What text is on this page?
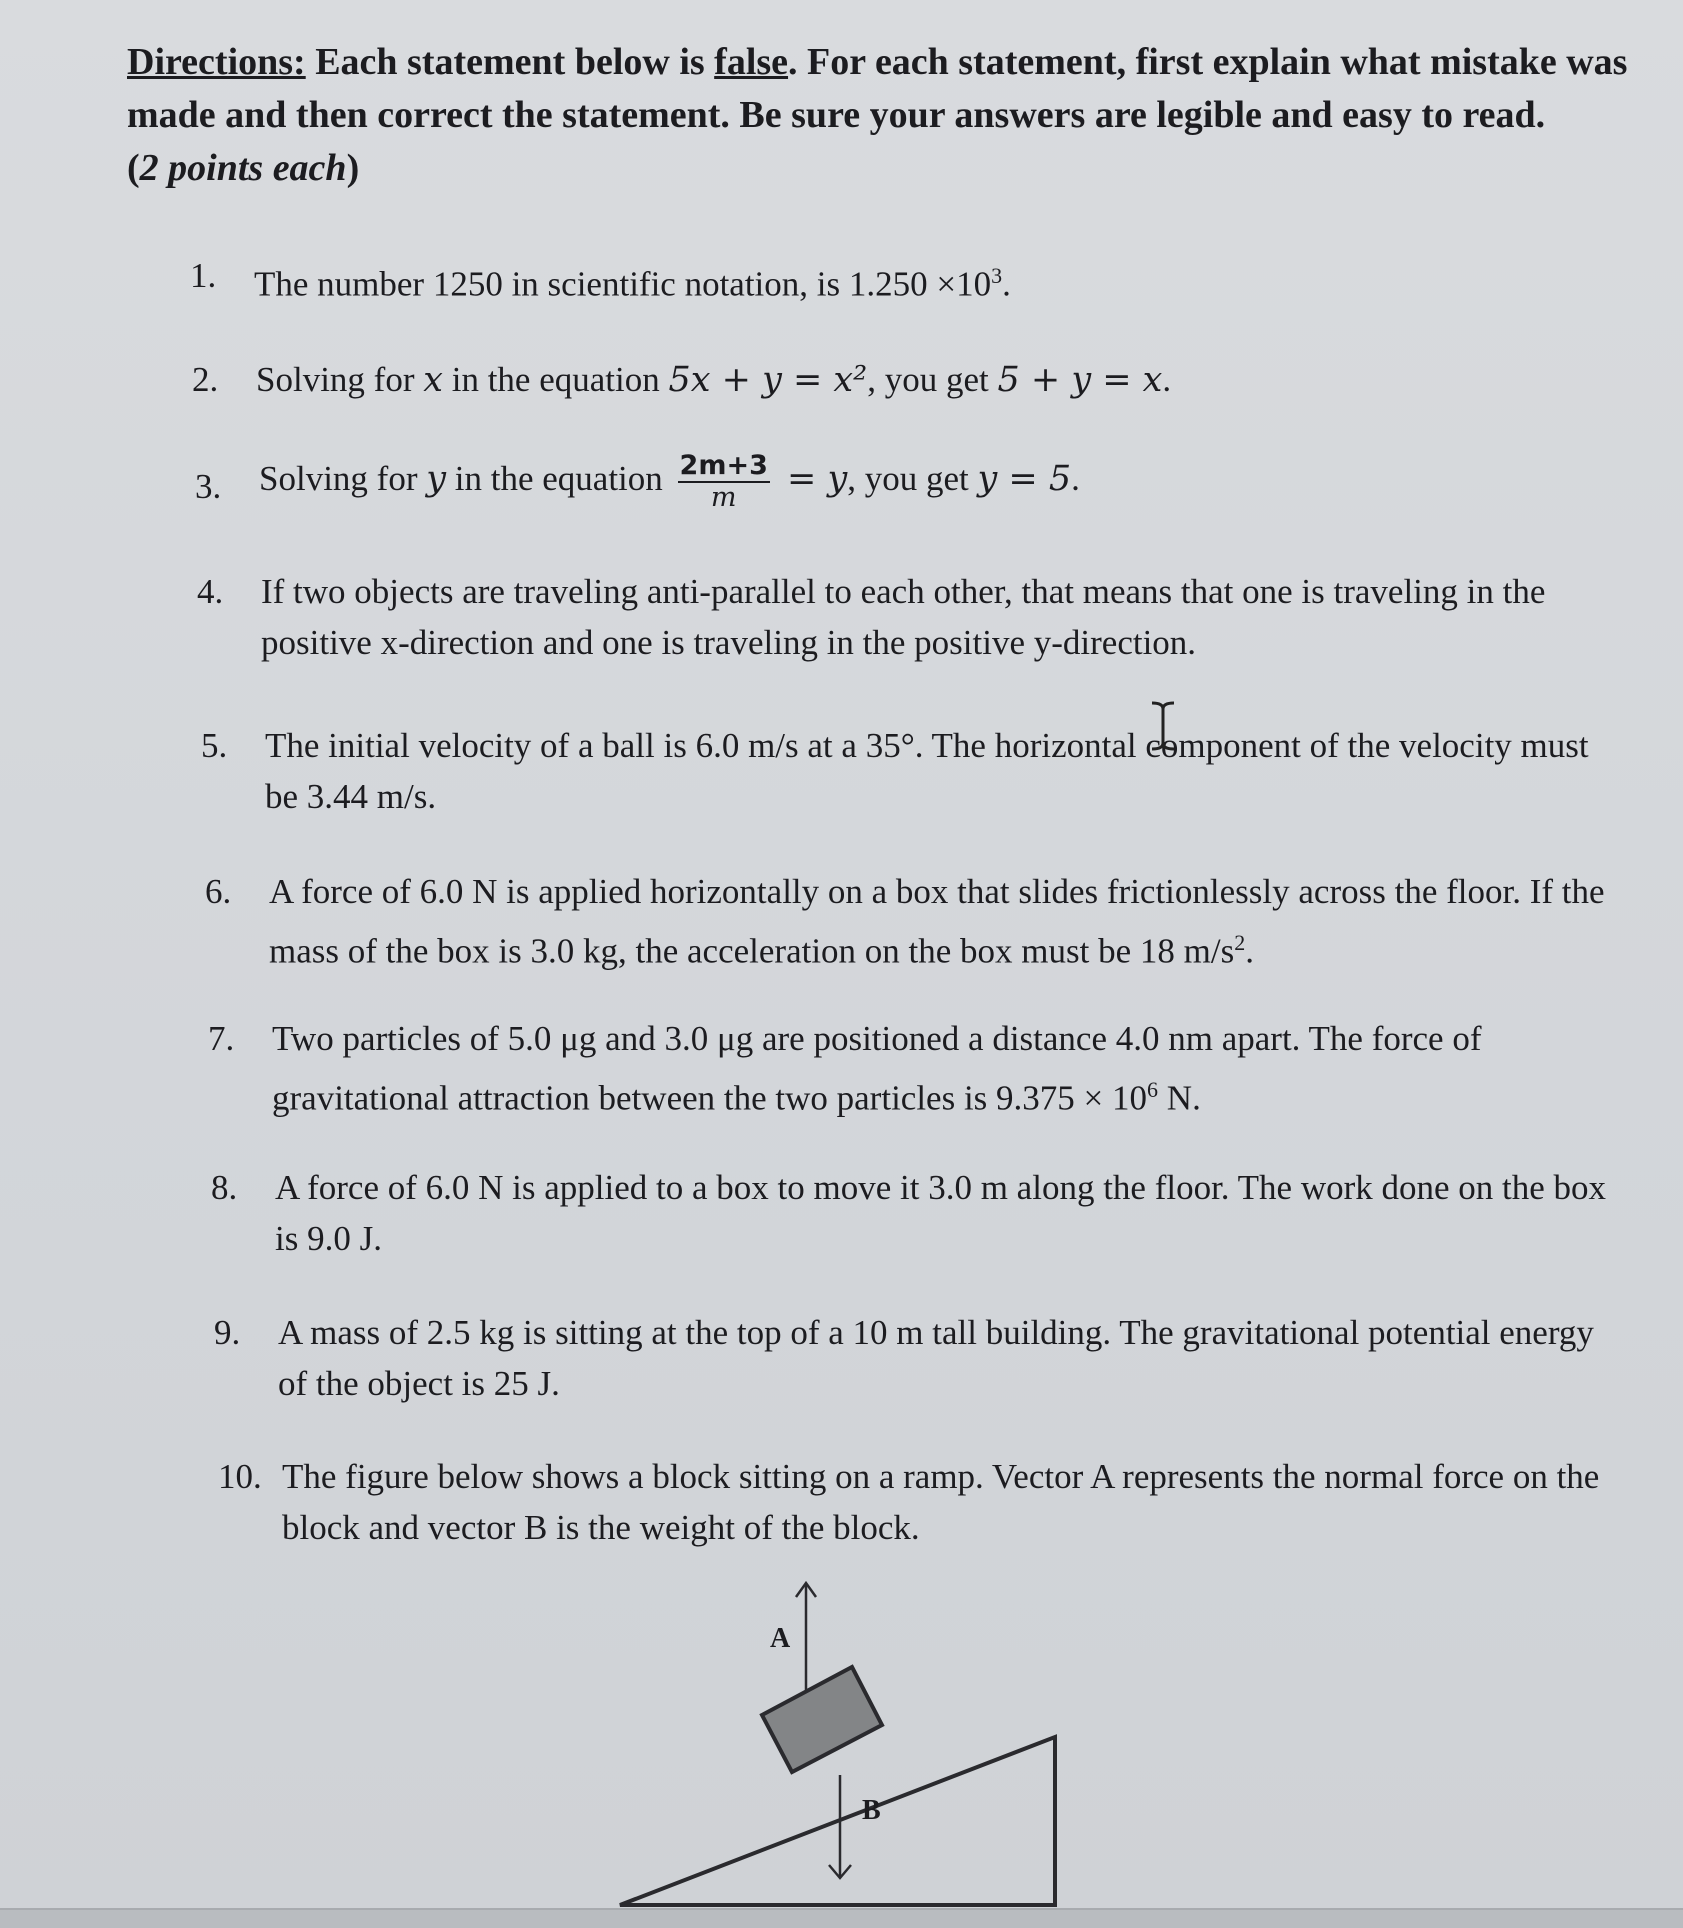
Directions: Each statement below is false. For each statement, first explain what mistake was made and then correct the statement. Be sure your answers are legible and easy to read.
(2 points each)
1. The number 1250 in scientific notation, is $1.250 \times 10^3$.
2. Solving for x in the equation 5x + y = x², you get 5 + y = x.
3. Solving for y in the equation $\frac{2m+3}{m} = y$, you get y = 5.
4. If two objects are traveling anti-parallel to each other, that means that one is traveling in the positive x-direction and one is traveling in the positive y-direction.
5. The initial velocity of a ball is 6.0 m/s at a 35°. The horizontal component of the velocity must be 3.44 m/s.
6. A force of 6.0 N is applied horizontally on a box that slides frictionlessly across the floor. If the mass of the box is 3.0 kg, the acceleration on the box must be 18 $m/s^2$.
7. Two particles of 5.0 μg and 3.0 μg are positioned a distance 4.0 nm apart. The force of gravitational attraction between the two particles is $9.375 \times 10^6$ N.
8. A force of 6.0 N is applied to a box to move it 3.0 m along the floor. The work done on the box is 9.0 J.
9. A mass of 2.5 kg is sitting at the top of a 10 m tall building. The gravitational potential energy of the object is 25 J.
10. The figure below shows a block sitting on a ramp. Vector A represents the normal force on the block and vector B is the weight of the block.
A
B
